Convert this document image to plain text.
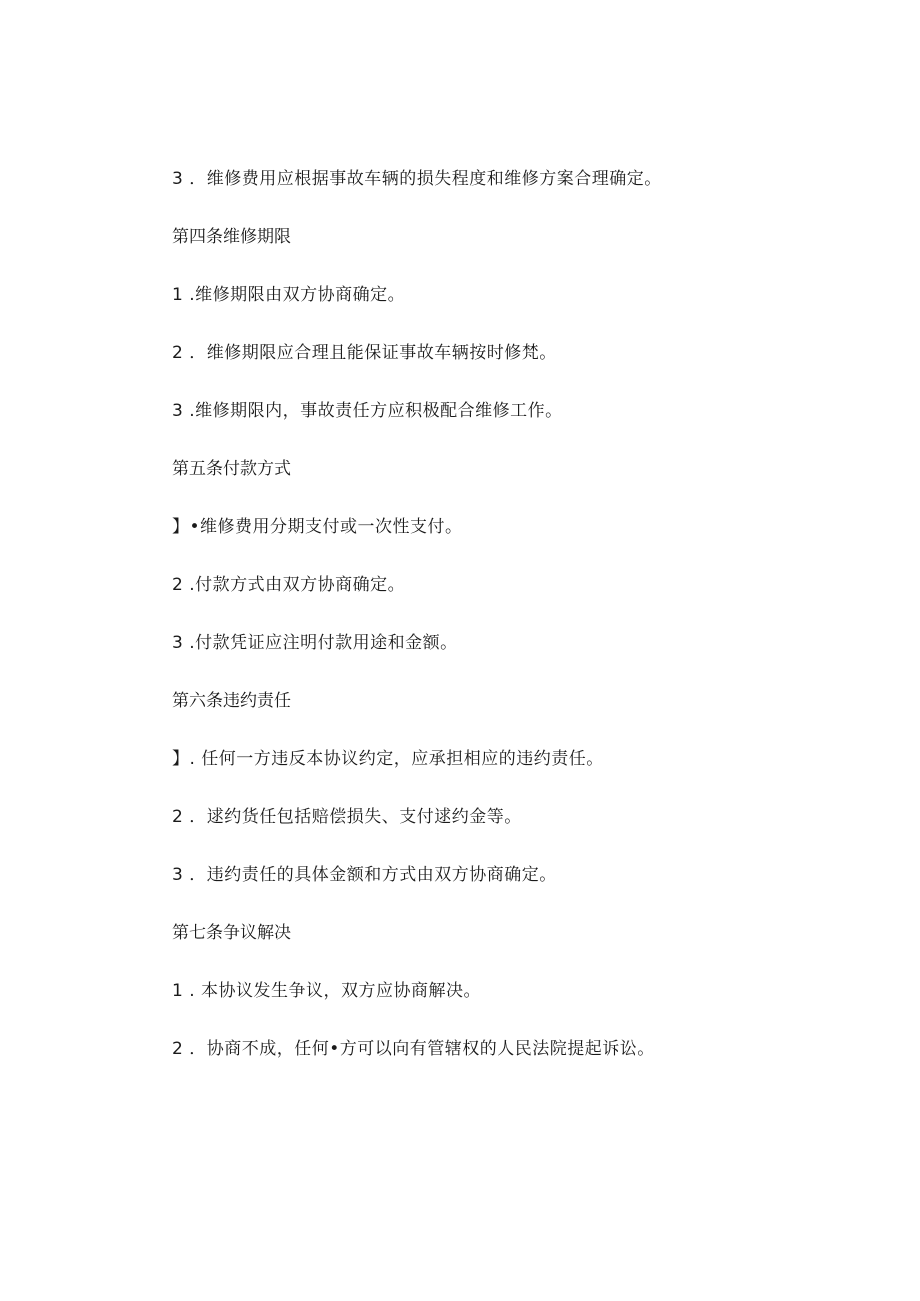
3 ．维修费用应根据事故车辆的损失程度和维修方案合理确定。
第四条维修期限
1 .维修期限由双方协商确定。
2 ．维修期限应合理且能保证事故车辆按时修梵。
3 .维修期限内，事故责任方应积极配合维修工作。
第五条付款方式
】•维修费用分期支付或一次性支付。
2 .付款方式由双方协商确定。
3 .付款凭证应注明付款用途和金额。
第六条违约责任
】. 任何一方违反本协议约定，应承担相应的违约责任。
2 ．逑约货任包括赔偿损失、支付逑约金等。
3 ．违约责任的具体金额和方式由双方协商确定。
第七条争议解决
1 . 本协议发生争议，双方应协商解决。
2 ．协商不成，任何•方可以向有管辖权的人民法院提起诉讼。
